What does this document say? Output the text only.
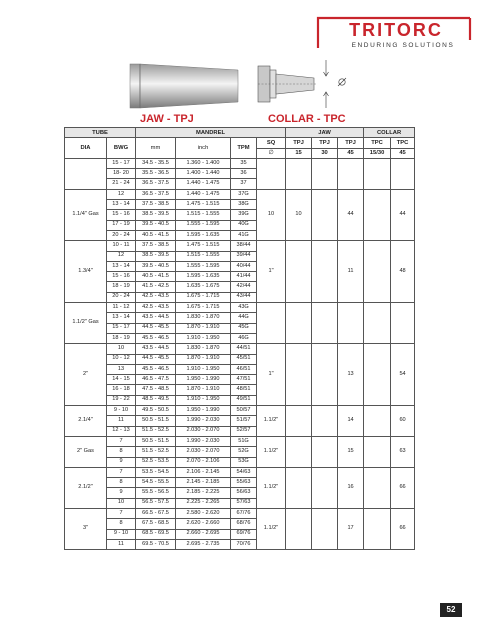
TRITORC
ENDURING SOLUTIONS
JAW - TPJ	COLLAR - TPC
TUBE		MANDREL				JAW			COLLAR	
DIA	BWG	mm	inch	TPM	SQ	TPJ	TPJ	TPJ	TPC	TPC
					∅	15	30	45	15/30	45
	15 - 17	34.5 - 35.5	1.360 - 1.400	35						
	18- 20	35.5 - 36.5	1.400 - 1.440	36						
	21 - 24	36.5 - 37.5	1.440 - 1.475	37						
1.1/4" Gas	12	36.5 - 37.5	1.440 - 1.475	37G	10	10		44		44
	13 - 14	37.5 - 38.5	1.475 - 1.515	38G						
	15 - 16	38.5 - 39.5	1.515 - 1.555	39G						
	17 - 19	39.5 - 40.5	1.555 - 1.595	40G						
	20 - 24	40.5 - 41.5	1.595 - 1.635	41G						
1.3/4"	10 - 11	37.5 - 38.5	1.475 - 1.515	38/44	1"			11		48
	12	38.5 - 39.5	1.515 - 1.555	39/44						
	13 - 14	39.5 - 40.5	1.555 - 1.595	40/44						
	15 - 16	40.5 - 41.5	1.595 - 1.635	41/44						
	18 - 19	41.5 - 42.5	1.635 - 1.675	42/44						
	20 - 24	42.5 - 43.5	1.675 - 1.715	43/44						
1.1/2" Gas	11 - 12	42.5 - 43.5	1.675 - 1.715	43G						
	13 - 14	43.5 - 44.5	1.830 - 1.870	44G						
	15 - 17	44.5 - 45.5	1.870 - 1.910	45G						
	18 - 19	45.5 - 46.5	1.910 - 1.950	46G						
2"	10	43.5 - 44.5	1.830 - 1.870	44/51	1"			13		54
	10 - 12	44.5 - 45.5	1.870 - 1.910	45/51						
	13	45.5 - 46.5	1.910 - 1.950	46/51						
	14 - 15	46.5 - 47.5	1.950 - 1.990	47/51						
	16 - 18	47.5 - 48.5	1.870 - 1.910	48/51						
	19 - 22	48.5 - 49.5	1.910 - 1.950	49/51						
2.1/4"	9 - 10	49.5 - 50.5	1.950 - 1.990	50/57	1.1/2"			14		60
	11	50.5 - 51.5	1.990 - 2.030	51/57						
	12 - 13	51.5 - 52.5	2.030 - 2.070	52/57						
2" Gas	7	50.5 - 51.5	1.990 - 2.030	51G	1.1/2"			15		63
	8	51.5 - 52.5	2.030 - 2.070	52G						
	9	52.5 - 53.5	2.070 - 2.106	53G						
2.1/2"	7	53.5 - 54.5	2.106 - 2.145	54/63	1.1/2"			16		66
	8	54.5 - 55.5	2.145 - 2.185	55/63						
	9	55.5 - 56.5	2.185 - 2.225	56/63						
	10	56.5 - 57.5	2.225 - 2.265	57/63						
3"	7	66.5 - 67.5	2.580 - 2.620	67/76	1.1/2"			17		66
	8	67.5 - 68.5	2.620 - 2.660	68/76						
	9 - 10	68.5 - 69.5	2.660 - 2.695	69/76						
	11	69.5 - 70.5	2.695 - 2.735	70/76						
52
